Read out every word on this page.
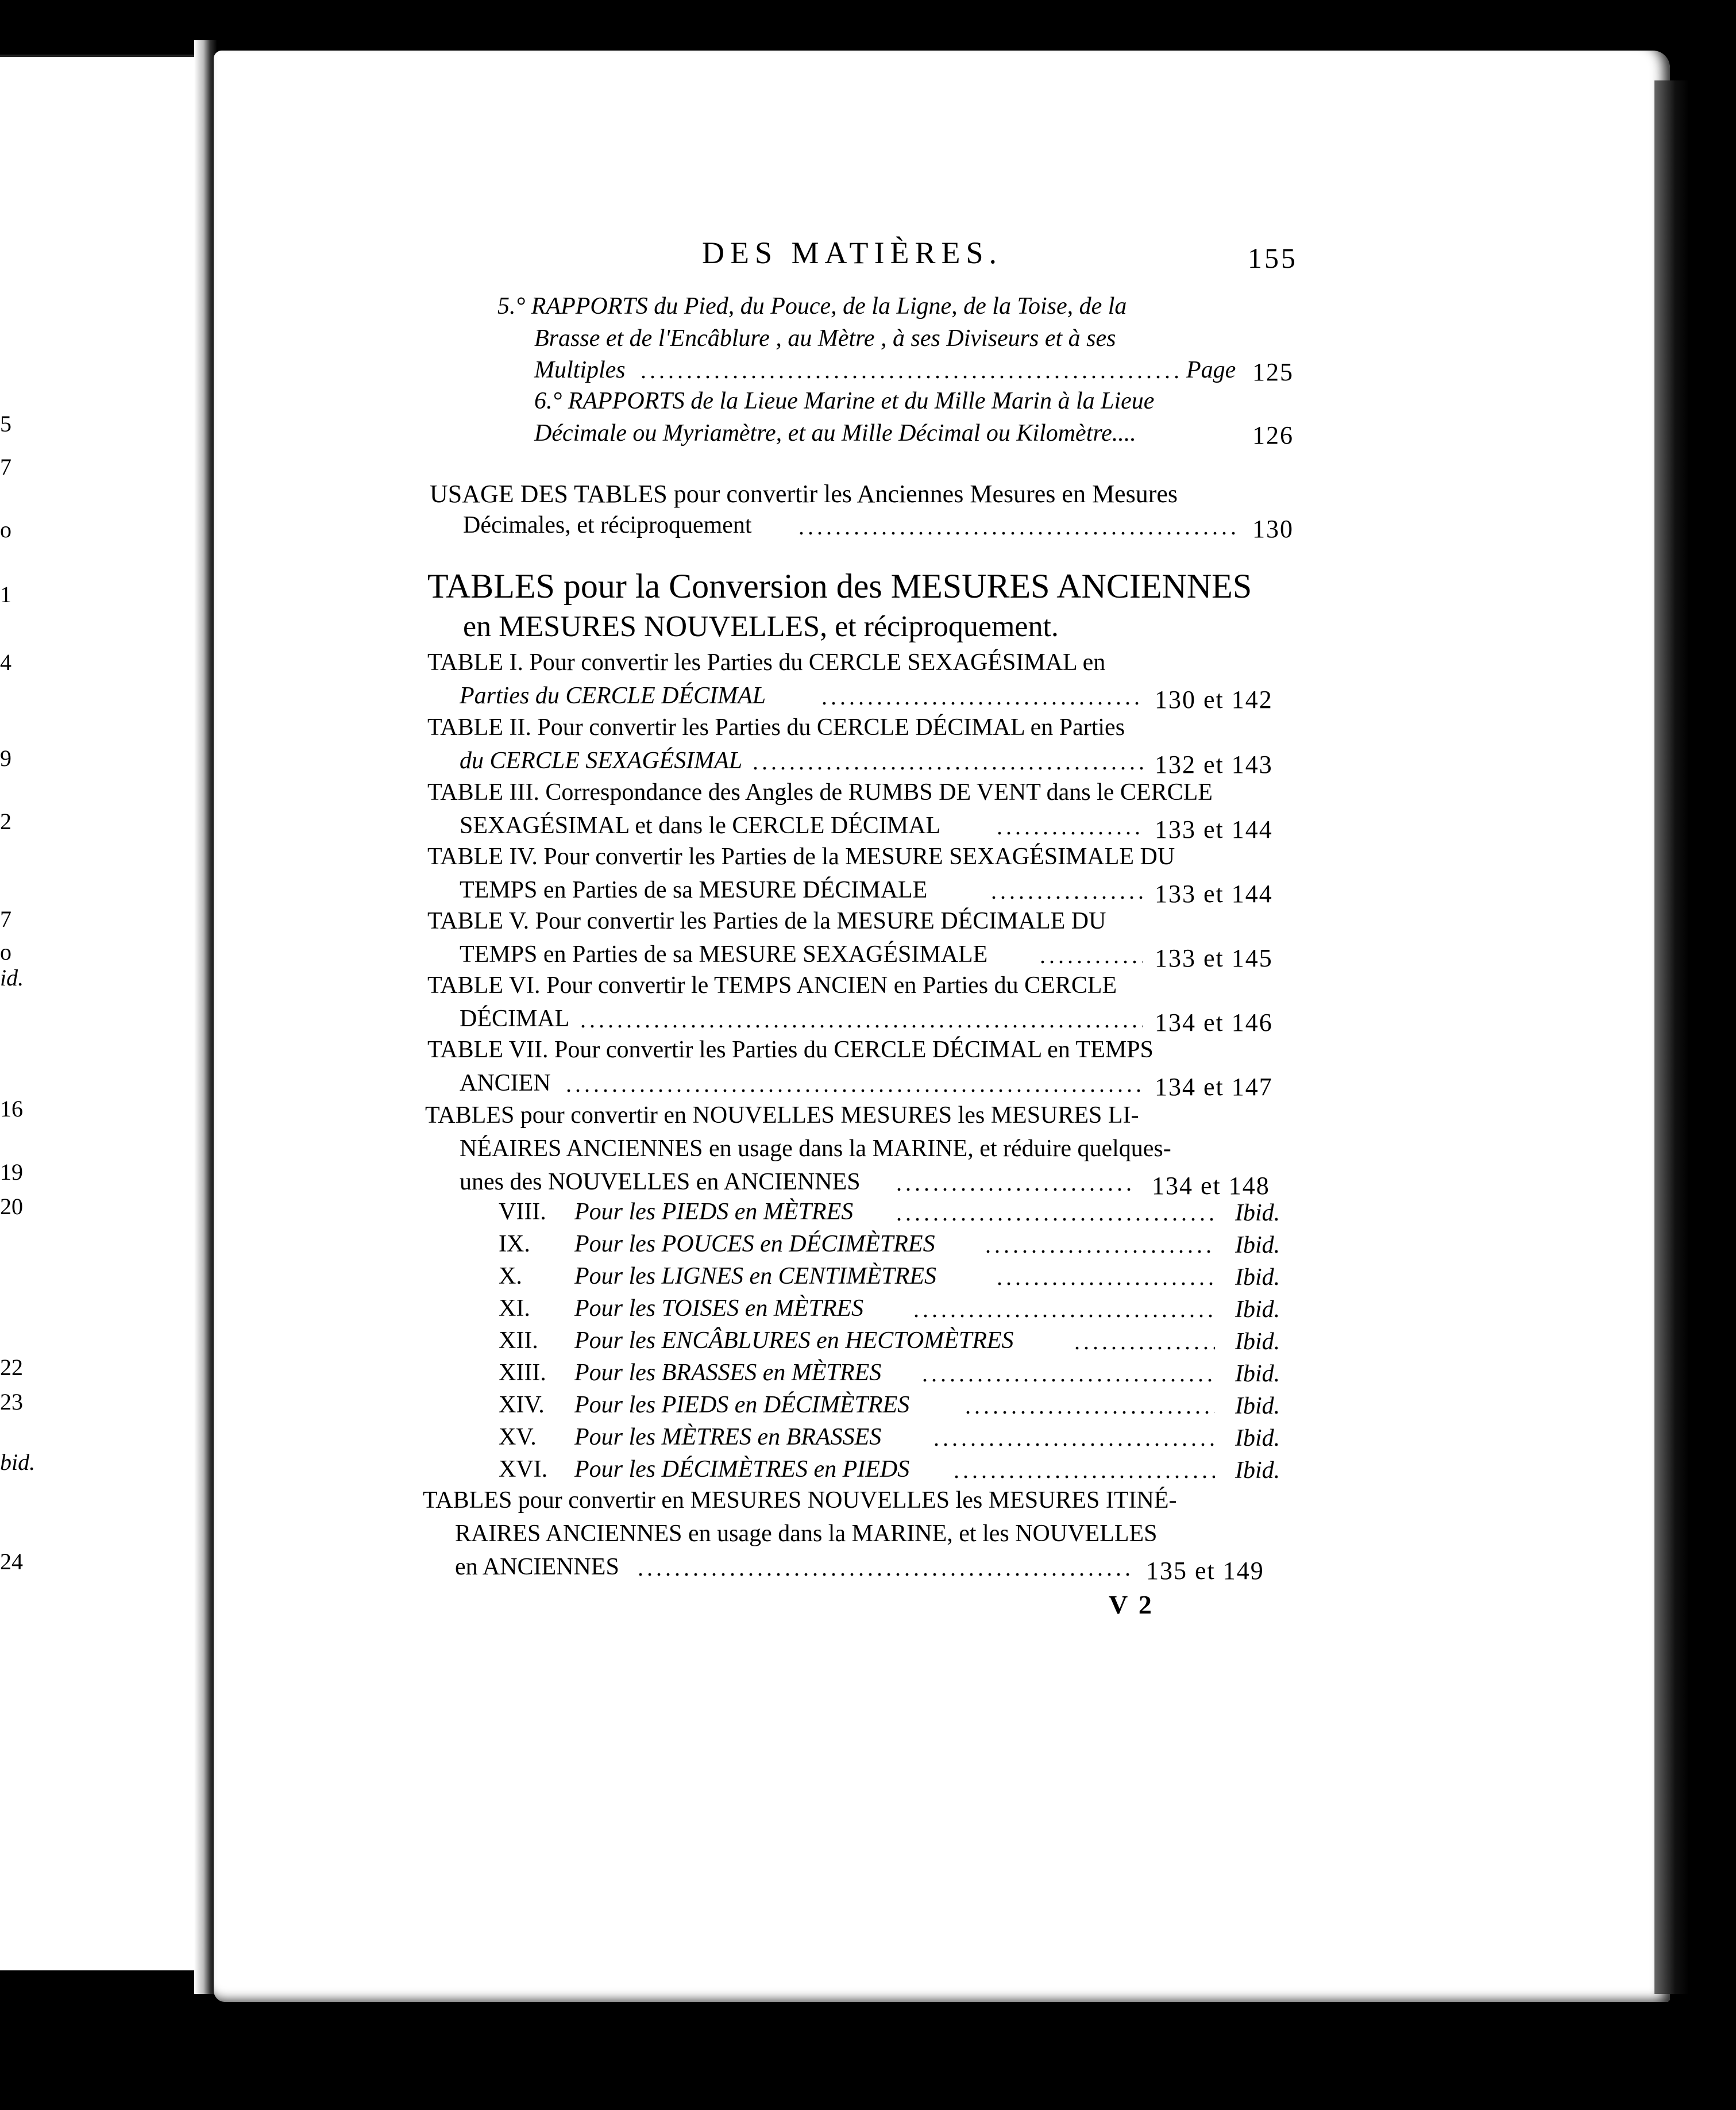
5
7
o
1
4
9
2
7
o
id.
16
19
20
22
23
bid.
24
DES MATIÈRES.	155
5.° RAPPORTS du Pied, du Pouce, de la Ligne, de la Toise, de la
Brasse et de l'Encâblure , au Mètre , à ses Diviseurs et à ses
Multiples .....	Page 125
6.° RAPPORTS de la Lieue Marine et du Mille Marin à la Lieue
Décimale ou Myriamètre, et au Mille Décimal ou Kilomètre....	126
USAGE DES TABLES pour convertir les Anciennes Mesures en Mesures
Décimales, et réciproquement .....	130
TABLES pour la Conversion des MESURES ANCIENNES
en MESURES NOUVELLES, et réciproquement.
TABLE I. Pour convertir les Parties du CERCLE SEXAGÉSIMAL en
Parties du CERCLE DÉCIMAL .....	130 et 142
TABLE II. Pour convertir les Parties du CERCLE DÉCIMAL en Parties
du CERCLE SEXAGÉSIMAL .....	132 et 143
TABLE III. Correspondance des Angles de RUMBS DE VENT dans le CERCLE
SEXAGÉSIMAL et dans le CERCLE DÉCIMAL .....	133 et 144
TABLE IV. Pour convertir les Parties de la MESURE SEXAGÉSIMALE DU
TEMPS en Parties de sa MESURE DÉCIMALE .....	133 et 144
TABLE V. Pour convertir les Parties de la MESURE DÉCIMALE DU
TEMPS en Parties de sa MESURE SEXAGÉSIMALE .....	133 et 145
TABLE VI. Pour convertir le TEMPS ANCIEN en Parties du CERCLE
DÉCIMAL .....	134 et 146
TABLE VII. Pour convertir les Parties du CERCLE DÉCIMAL en TEMPS
ANCIEN .....	134 et 147
TABLES pour convertir en NOUVELLES MESURES les MESURES LI-
NÉAIRES ANCIENNES en usage dans la MARINE, et réduire quelques-
unes des NOUVELLES en ANCIENNES .....	134 et 148
VIII. Pour les PIEDS en MÈTRES .....	Ibid.
IX. Pour les POUCES en DÉCIMÈTRES .....	Ibid.
X. Pour les LIGNES en CENTIMÈTRES .....	Ibid.
XI. Pour les TOISES en MÈTRES .....	Ibid.
XII. Pour les ENCÂBLURES en HECTOMÈTRES .....	Ibid.
XIII. Pour les BRASSES en MÈTRES .....	Ibid.
XIV. Pour les PIEDS en DÉCIMÈTRES .....	Ibid.
XV. Pour les MÈTRES en BRASSES .....	Ibid.
XVI. Pour les DÉCIMÈTRES en PIEDS .....	Ibid.
TABLES pour convertir en MESURES NOUVELLES les MESURES ITINÉ-
RAIRES ANCIENNES en usage dans la MARINE, et les NOUVELLES
en ANCIENNES .....	135 et 149
V 2
